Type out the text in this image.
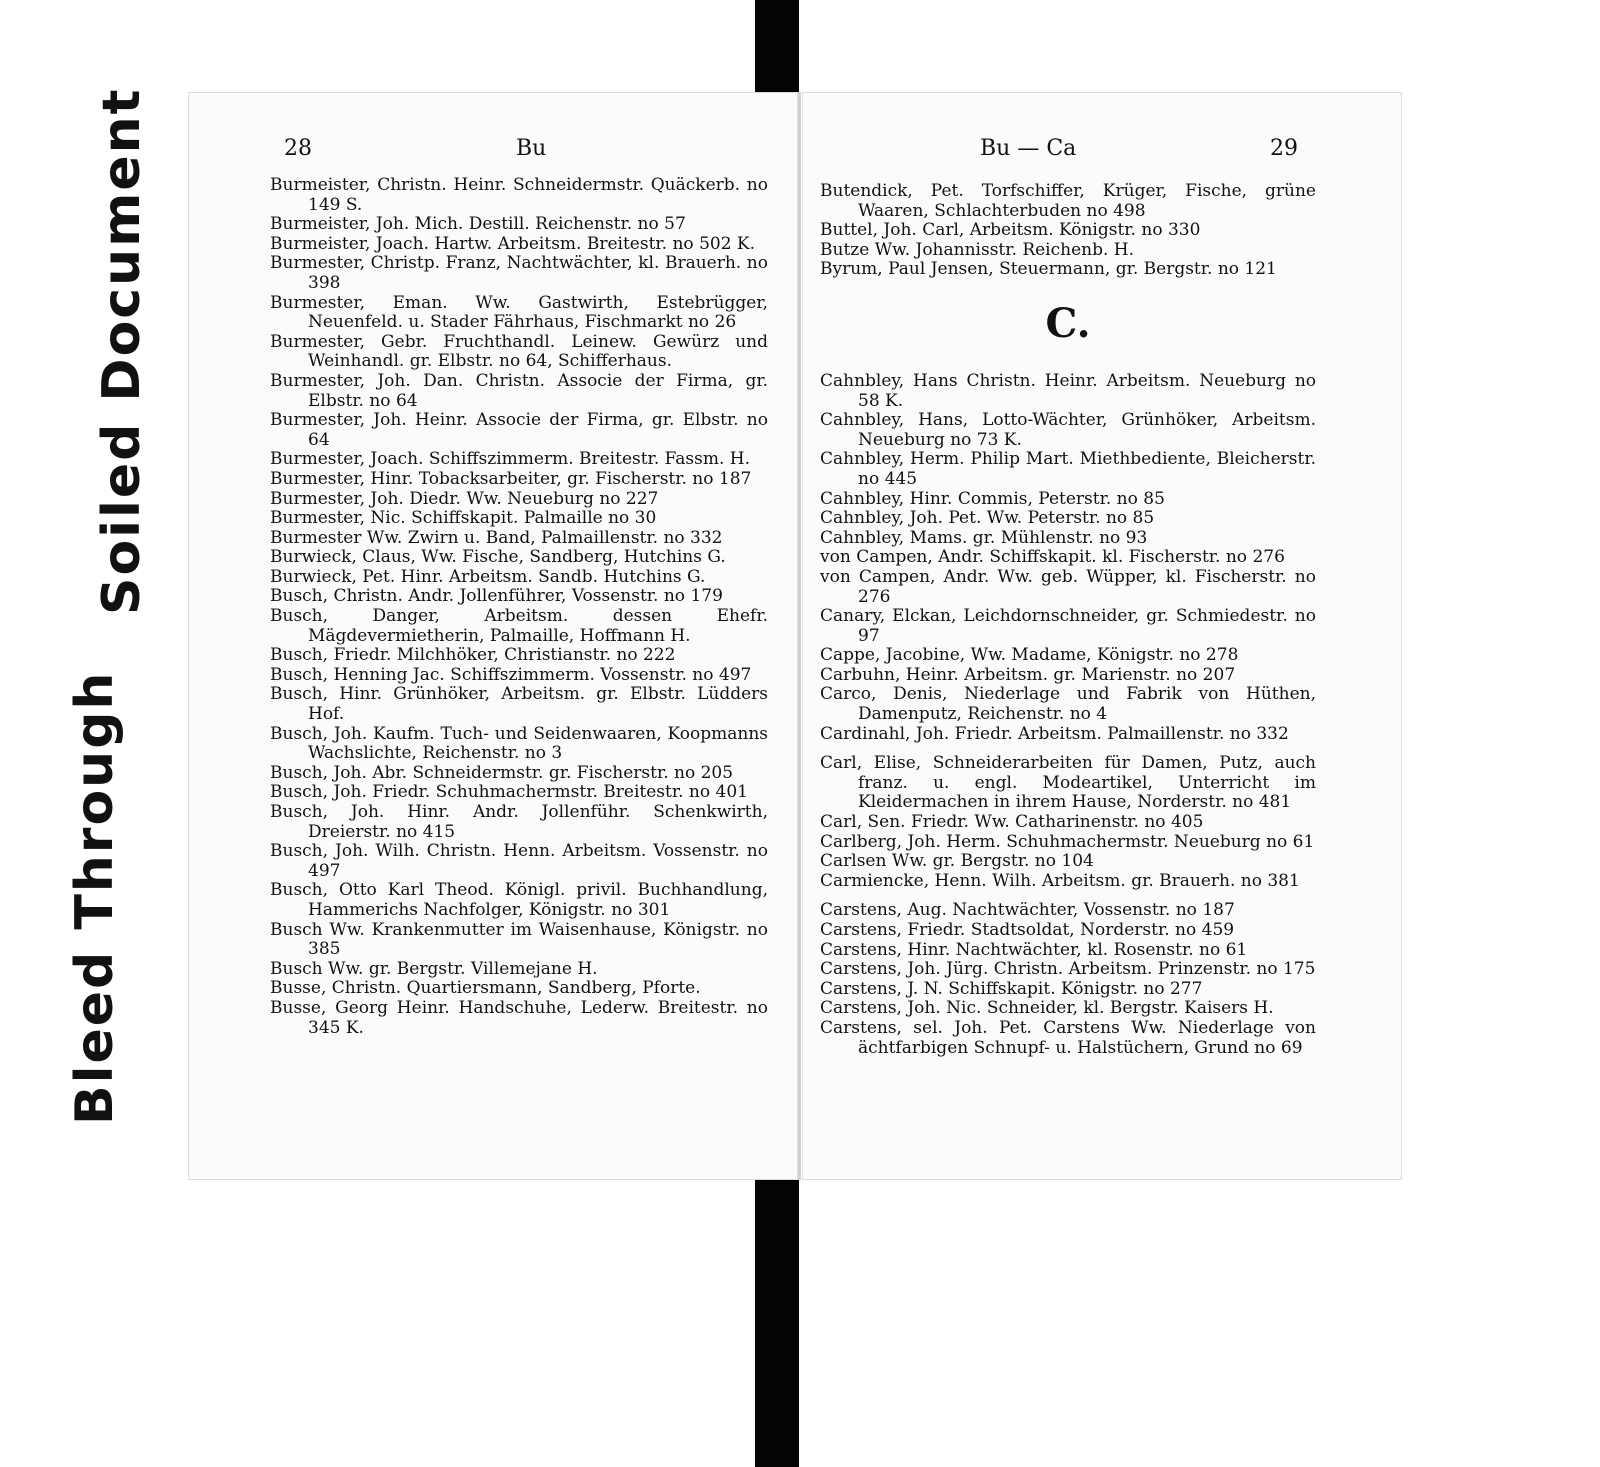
Bleed Through
Soiled Document	28	Bu

Burmeister, Christn. Heinr. Schneidermstr. Quäckerb. no 149 S.

Burmeister, Joh. Mich. Destill. Reichenstr. no 57

Burmeister, Joach. Hartw. Arbeitsm. Breitestr. no 502 K.

Burmester, Christp. Franz, Nachtwächter, kl. Brauerh. no 398

Burmester, Eman. Ww. Gastwirth, Estebrügger, Neuenfeld. u. Stader Fährhaus, Fischmarkt no 26

Burmester, Gebr. Fruchthandl. Leinew. Gewürz und Weinhandl. gr. Elbstr. no 64, Schifferhaus.

Burmester, Joh. Dan. Christn. Associe der Firma, gr. Elbstr. no 64

Burmester, Joh. Heinr. Associe der Firma, gr. Elbstr. no 64

Burmester, Joach. Schiffszimmerm. Breitestr. Fassm. H.

Burmester, Hinr. Tobacksarbeiter, gr. Fischerstr. no 187

Burmester, Joh. Diedr. Ww. Neueburg no 227

Burmester, Nic. Schiffskapit. Palmaille no 30

Burmester Ww. Zwirn u. Band, Palmaillenstr. no 332

Burwieck, Claus, Ww. Fische, Sandberg, Hutchins G.

Burwieck, Pet. Hinr. Arbeitsm. Sandb. Hutchins G.

Busch, Christn. Andr. Jollenführer, Vossenstr. no 179

Busch, Danger, Arbeitsm. dessen Ehefr. Mägdevermietherin, Palmaille, Hoffmann H.

Busch, Friedr. Milchhöker, Christianstr. no 222

Busch, Henning Jac. Schiffszimmerm. Vossenstr. no 497

Busch, Hinr. Grünhöker, Arbeitsm. gr. Elbstr. Lüdders Hof.

Busch, Joh. Kaufm. Tuch- und Seidenwaaren, Koopmanns Wachslichte, Reichenstr. no 3

Busch, Joh. Abr. Schneidermstr. gr. Fischerstr. no 205

Busch, Joh. Friedr. Schuhmachermstr. Breitestr. no 401

Busch, Joh. Hinr. Andr. Jollenführ. Schenkwirth, Dreierstr. no 415

Busch, Joh. Wilh. Christn. Henn. Arbeitsm. Vossenstr. no 497

Busch, Otto Karl Theod. Königl. privil. Buchhandlung, Hammerichs Nachfolger, Königstr. no 301

Busch Ww. Krankenmutter im Waisenhause, Königstr. no 385

Busch Ww. gr. Bergstr. Villemejane H.

Busse, Christn. Quartiersmann, Sandberg, Pforte.

Busse, Georg Heinr. Handschuhe, Lederw. Breitestr. no 345 K.

Bu — Ca	29

Butendick, Pet. Torfschiffer, Krüger, Fische, grüne Waaren, Schlachterbuden no 498

Buttel, Joh. Carl, Arbeitsm. Königstr. no 330

Butze Ww. Johannisstr. Reichenb. H.

Byrum, Paul Jensen, Steuermann, gr. Bergstr. no 121

C.

Cahnbley, Hans Christn. Heinr. Arbeitsm. Neueburg no 58 K.

Cahnbley, Hans, Lotto-Wächter, Grünhöker, Arbeitsm. Neueburg no 73 K.

Cahnbley, Herm. Philip Mart. Miethbediente, Bleicherstr. no 445

Cahnbley, Hinr. Commis, Peterstr. no 85

Cahnbley, Joh. Pet. Ww. Peterstr. no 85

Cahnbley, Mams. gr. Mühlenstr. no 93

von Campen, Andr. Schiffskapit. kl. Fischerstr. no 276

von Campen, Andr. Ww. geb. Wüpper, kl. Fischerstr. no 276

Canary, Elckan, Leichdornschneider, gr. Schmiedestr. no 97

Cappe, Jacobine, Ww. Madame, Königstr. no 278

Carbuhn, Heinr. Arbeitsm. gr. Marienstr. no 207

Carco, Denis, Niederlage und Fabrik von Hüthen, Damenputz, Reichenstr. no 4

Cardinahl, Joh. Friedr. Arbeitsm. Palmaillenstr. no 332

Carl, Elise, Schneiderarbeiten für Damen, Putz, auch franz. u. engl. Modeartikel, Unterricht im Kleidermachen in ihrem Hause, Norderstr. no 481

Carl, Sen. Friedr. Ww. Catharinenstr. no 405

Carlberg, Joh. Herm. Schuhmachermstr. Neueburg no 61

Carlsen Ww. gr. Bergstr. no 104

Carmiencke, Henn. Wilh. Arbeitsm. gr. Brauerh. no 381

Carstens, Aug. Nachtwächter, Vossenstr. no 187

Carstens, Friedr. Stadtsoldat, Norderstr. no 459

Carstens, Hinr. Nachtwächter, kl. Rosenstr. no 61

Carstens, Joh. Jürg. Christn. Arbeitsm. Prinzenstr. no 175

Carstens, J. N. Schiffskapit. Königstr. no 277

Carstens, Joh. Nic. Schneider, kl. Bergstr. Kaisers H.

Carstens, sel. Joh. Pet. Carstens Ww. Niederlage von ächtfarbigen Schnupf- u. Halstüchern, Grund no 69
